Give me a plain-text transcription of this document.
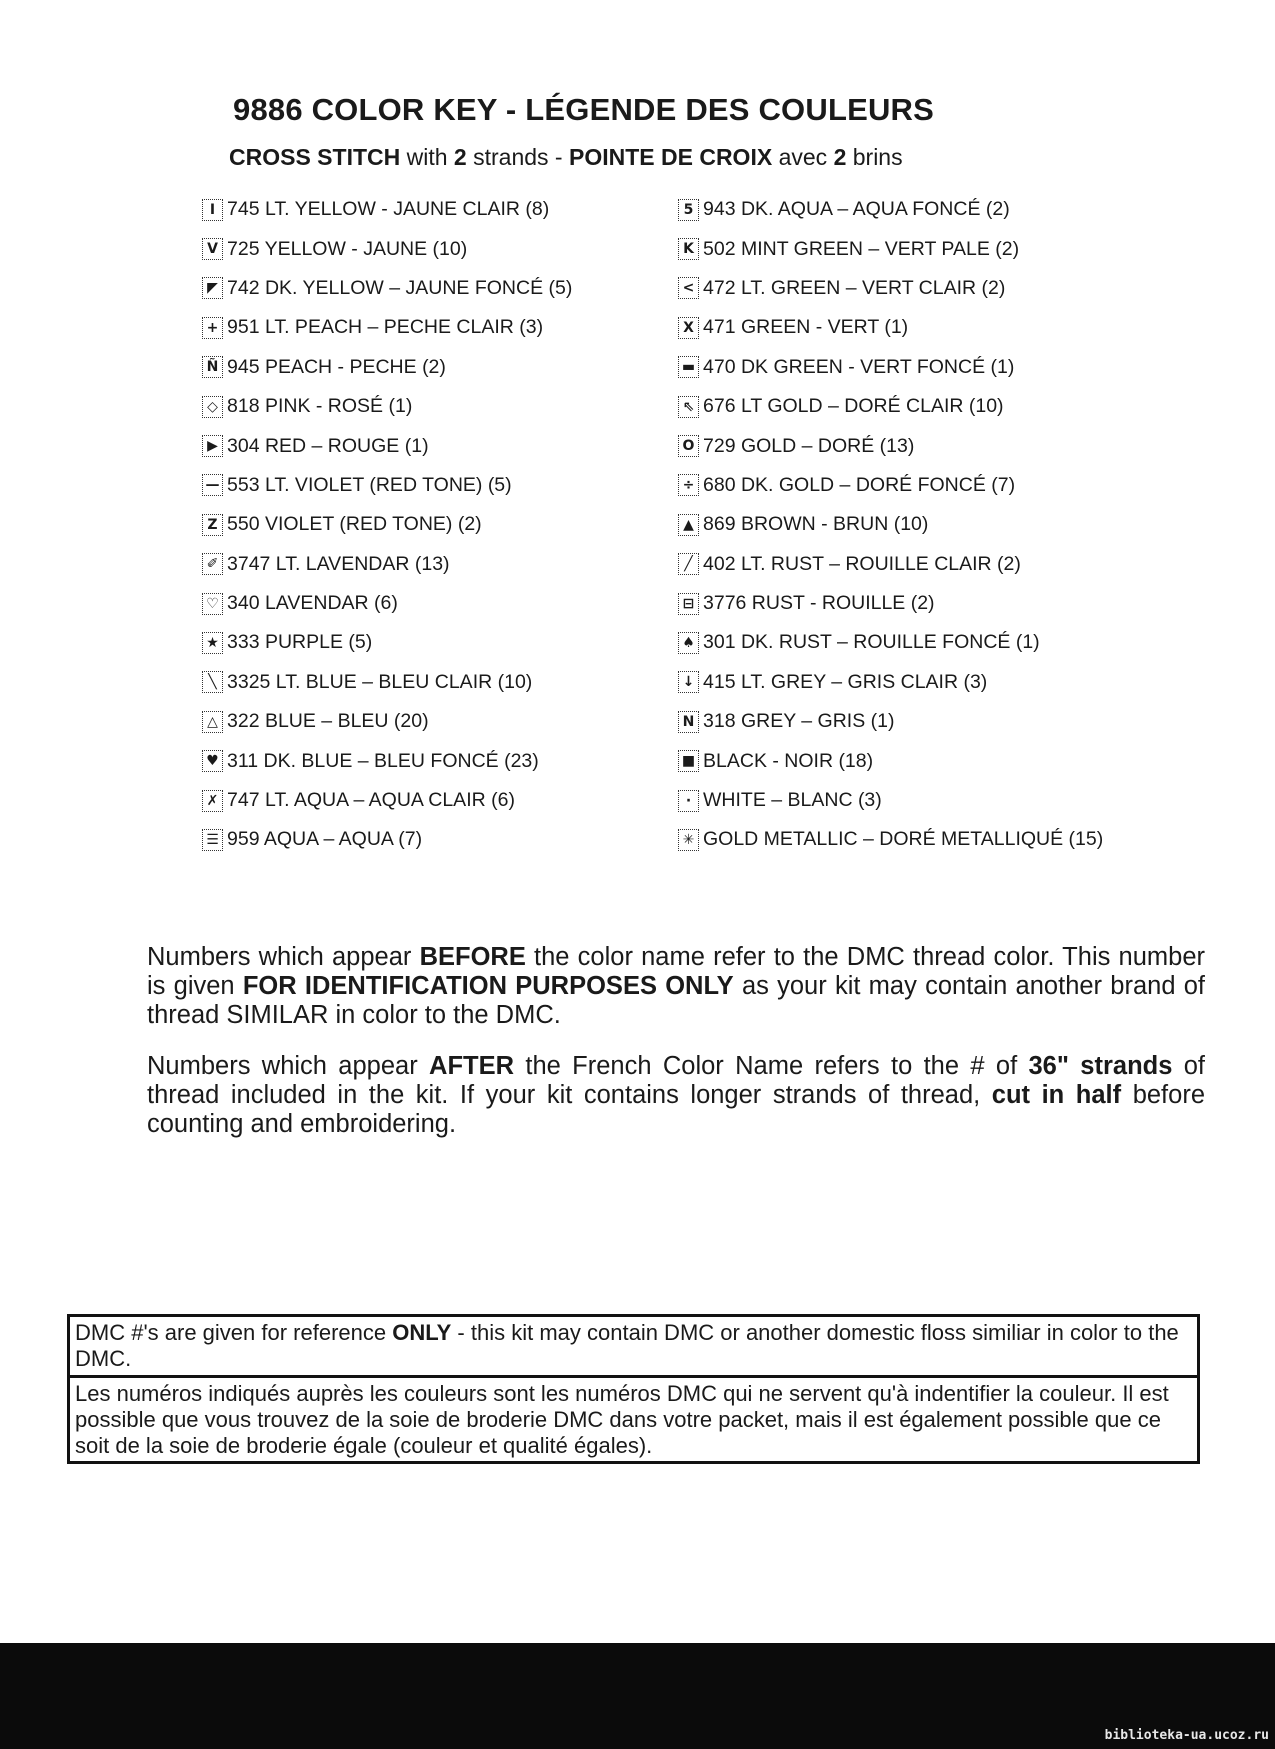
9886 COLOR KEY - LÉGENDE DES COULEURS
CROSS STITCH with 2 strands - POINTE DE CROIX avec 2 brins
I 745 LT. YELLOW - JAUNE CLAIR (8)
V 725 YELLOW - JAUNE (10)
◤ 742 DK. YELLOW – JAUNE FONCÉ (5)
+ 951 LT. PEACH – PECHE CLAIR (3)
Ñ 945 PEACH - PECHE (2)
◇ 818 PINK - ROSÉ (1)
▶ 304 RED – ROUGE (1)
— 553 LT. VIOLET (RED TONE) (5)
Z 550 VIOLET (RED TONE) (2)
✐ 3747 LT. LAVENDAR (13)
♡ 340 LAVENDAR (6)
★ 333 PURPLE (5)
╲ 3325 LT. BLUE – BLEU CLAIR (10)
△ 322 BLUE – BLEU (20)
♥ 311 DK. BLUE – BLEU FONCÉ (23)
✗ 747 LT. AQUA – AQUA CLAIR (6)
☰ 959 AQUA – AQUA (7)
5 943 DK. AQUA – AQUA FONCÉ (2)
K 502 MINT GREEN – VERT PALE (2)
< 472 LT. GREEN – VERT CLAIR (2)
X 471 GREEN - VERT (1)
▬ 470 DK GREEN - VERT FONCÉ (1)
⇖ 676 LT GOLD – DORÉ CLAIR (10)
O 729 GOLD – DORÉ (13)
÷ 680 DK. GOLD – DORÉ FONCÉ (7)
▲ 869 BROWN - BRUN (10)
╱ 402 LT. RUST – ROUILLE CLAIR (2)
⊟ 3776 RUST - ROUILLE (2)
♠ 301 DK. RUST – ROUILLE FONCÉ (1)
↓ 415 LT. GREY – GRIS CLAIR (3)
N 318 GREY – GRIS (1)
■ BLACK - NOIR (18)
· WHITE – BLANC (3)
✳ GOLD METALLIC – DORÉ METALLIQUÉ (15)
Numbers which appear BEFORE the color name refer to the DMC thread color. This number is given FOR IDENTIFICATION PURPOSES ONLY as your kit may contain another brand of thread SIMILAR in color to the DMC.
Numbers which appear AFTER the French Color Name refers to the # of 36" strands of thread included in the kit. If your kit contains longer strands of thread, cut in half before counting and embroidering.
DMC #'s are given for reference ONLY - this kit may contain DMC or another domestic floss similiar in color to the DMC.
Les numéros indiqués auprès les couleurs sont les numéros DMC qui ne servent qu'à indentifier la couleur. Il est possible que vous trouvez de la soie de broderie DMC dans votre packet, mais il est également possible que ce soit de la soie de broderie égale (couleur et qualité égales).
biblioteka-ua.ucoz.ru
